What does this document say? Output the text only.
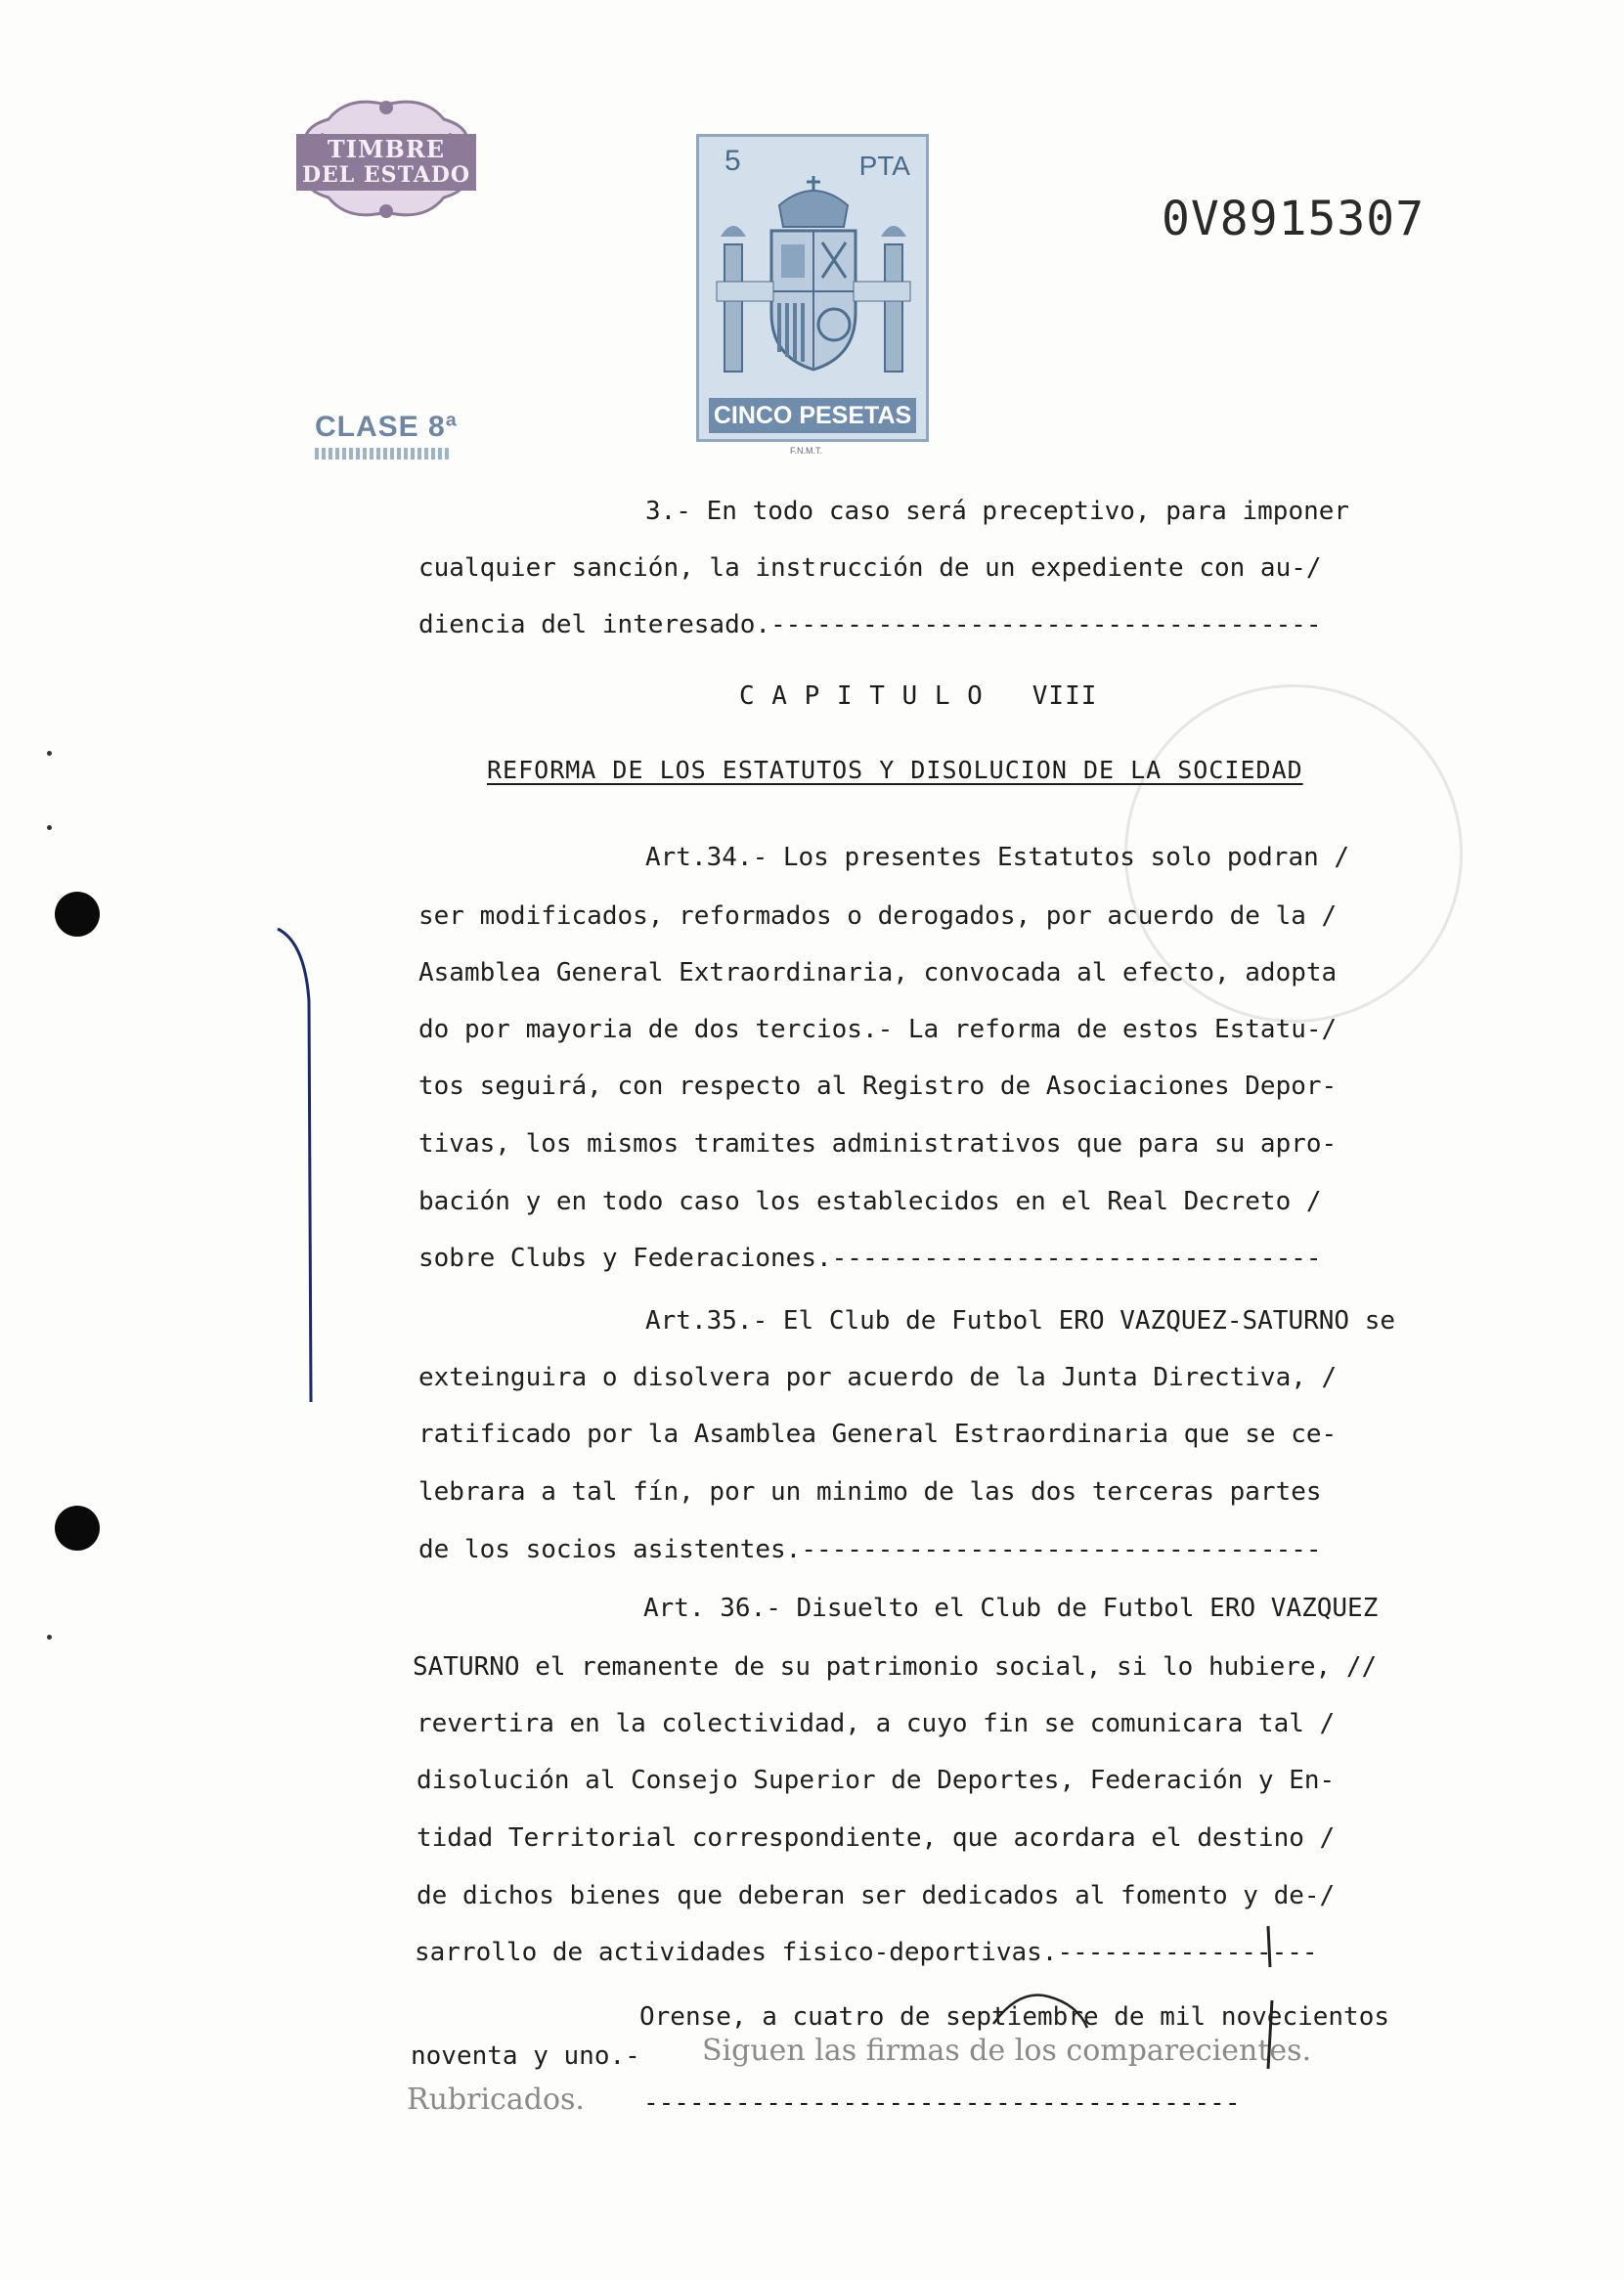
TIMBRE
DEL ESTADO	5	PTA
CINCO PESETAS
F.N.M.T.
CLASE 8ª
0V8915307
3.- En todo caso será preceptivo, para imponer
cualquier sanción, la instrucción de un expediente con au-/
diencia del interesado.------------------------------------
C A P I T U L O   VIII
REFORMA DE LOS ESTATUTOS Y DISOLUCION DE LA SOCIEDAD
Art.34.- Los presentes Estatutos solo podran /
ser modificados, reformados o derogados, por acuerdo de la /
Asamblea General Extraordinaria, convocada al efecto, adopta
do por mayoria de dos tercios.- La reforma de estos Estatu-/
tos seguirá, con respecto al Registro de Asociaciones Depor-
tivas, los mismos tramites administrativos que para su apro-
bación y en todo caso los establecidos en el Real Decreto /
sobre Clubs y Federaciones.--------------------------------
Art.35.- El Club de Futbol ERO VAZQUEZ-SATURNO se
exteinguira o disolvera por acuerdo de la Junta Directiva, /
ratificado por la Asamblea General Estraordinaria que se ce-
lebrara a tal fín, por un minimo de las dos terceras partes
de los socios asistentes.----------------------------------
Art. 36.- Disuelto el Club de Futbol ERO VAZQUEZ
SATURNO el remanente de su patrimonio social, si lo hubiere, //
revertira en la colectividad, a cuyo fin se comunicara tal /
disolución al Consejo Superior de Deportes, Federación y En-
tidad Territorial correspondiente, que acordara el destino /
de dichos bienes que deberan ser dedicados al fomento y de-/
sarrollo de actividades fisico-deportivas.-----------------
Orense, a cuatro de septiembre de mil novecientos
noventa y uno.- Siguen las firmas de los comparecientes.
Rubricados. ---------------------------------------
